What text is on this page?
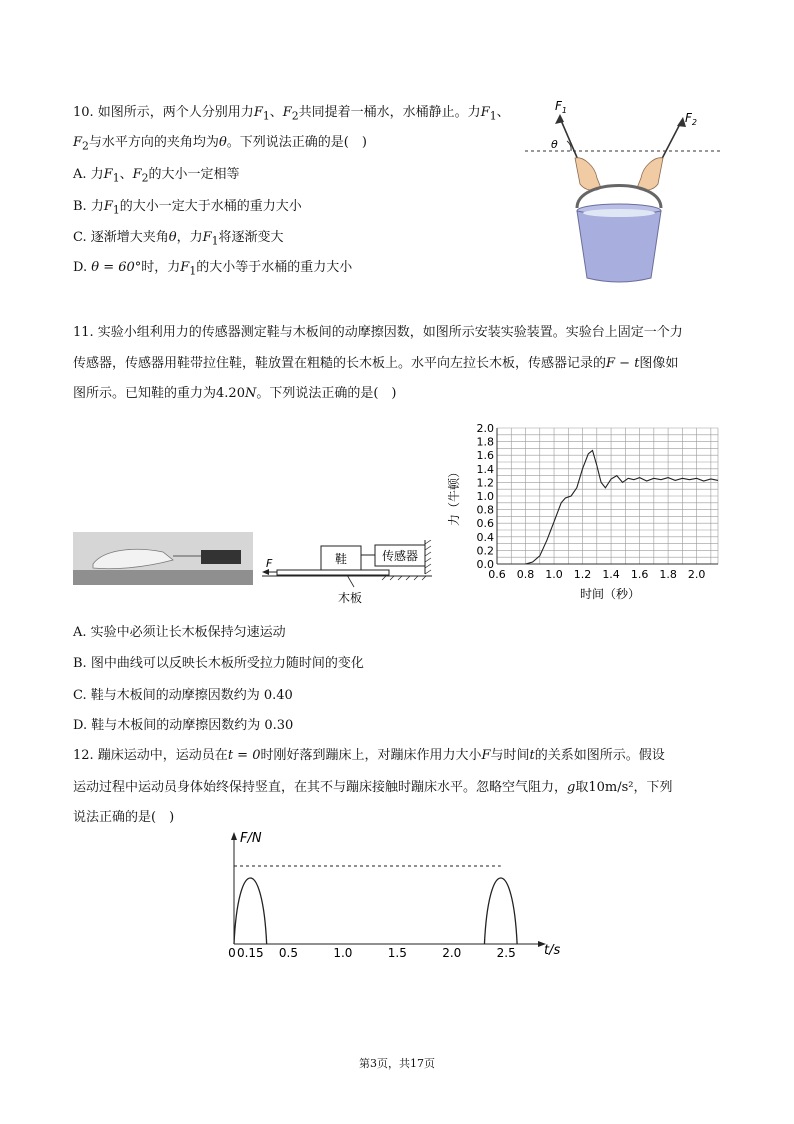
10. 如图所示，两个人分别用力$F_1$、$F_2$共同提着一桶水，水桶静止。力$F_1$、
$F_2$与水平方向的夹角均为θ。下列说法正确的是(　)
A. 力$F_1$、$F_2$的大小一定相等
B. 力$F_1$的大小一定大于水桶的重力大小
C. 逐渐增大夹角θ，力$F_1$将逐渐变大
D. θ = 60°时，力$F_1$的大小等于水桶的重力大小
$F_1$
$F_2$
θ
11. 实验小组利用力的传感器测定鞋与木板间的动摩擦因数，如图所示安装实验装置。实验台上固定一个力
传感器，传感器用鞋带拉住鞋，鞋放置在粗糙的长木板上。水平向左拉长木板，传感器记录的F − t图像如
图所示。已知鞋的重力为4.20N。下列说法正确的是(　)
鞋	传感器
F
木板
0.0
0.2
0.4
0.6
0.8
1.0
1.2
1.4
1.6
1.8
2.0
0.6 0.8 1.0 1.2 1.4 1.6 1.8 2.0
时间（秒）
力（牛顿）
A. 实验中必须让长木板保持匀速运动
B. 图中曲线可以反映长木板所受拉力随时间的变化
C. 鞋与木板间的动摩擦因数约为 0.40
D. 鞋与木板间的动摩擦因数约为 0.30
12. 蹦床运动中，运动员在t = 0时刚好落到蹦床上，对蹦床作用力大小F与时间t的关系如图所示。假设
运动过程中运动员身体始终保持竖直，在其不与蹦床接触时蹦床水平。忽略空气阻力，g取10m/s²，下列
说法正确的是(　)
F/N
t/s
0 0.15 0.5	1.0	1.5	2.0	2.5
第3页，共17页
